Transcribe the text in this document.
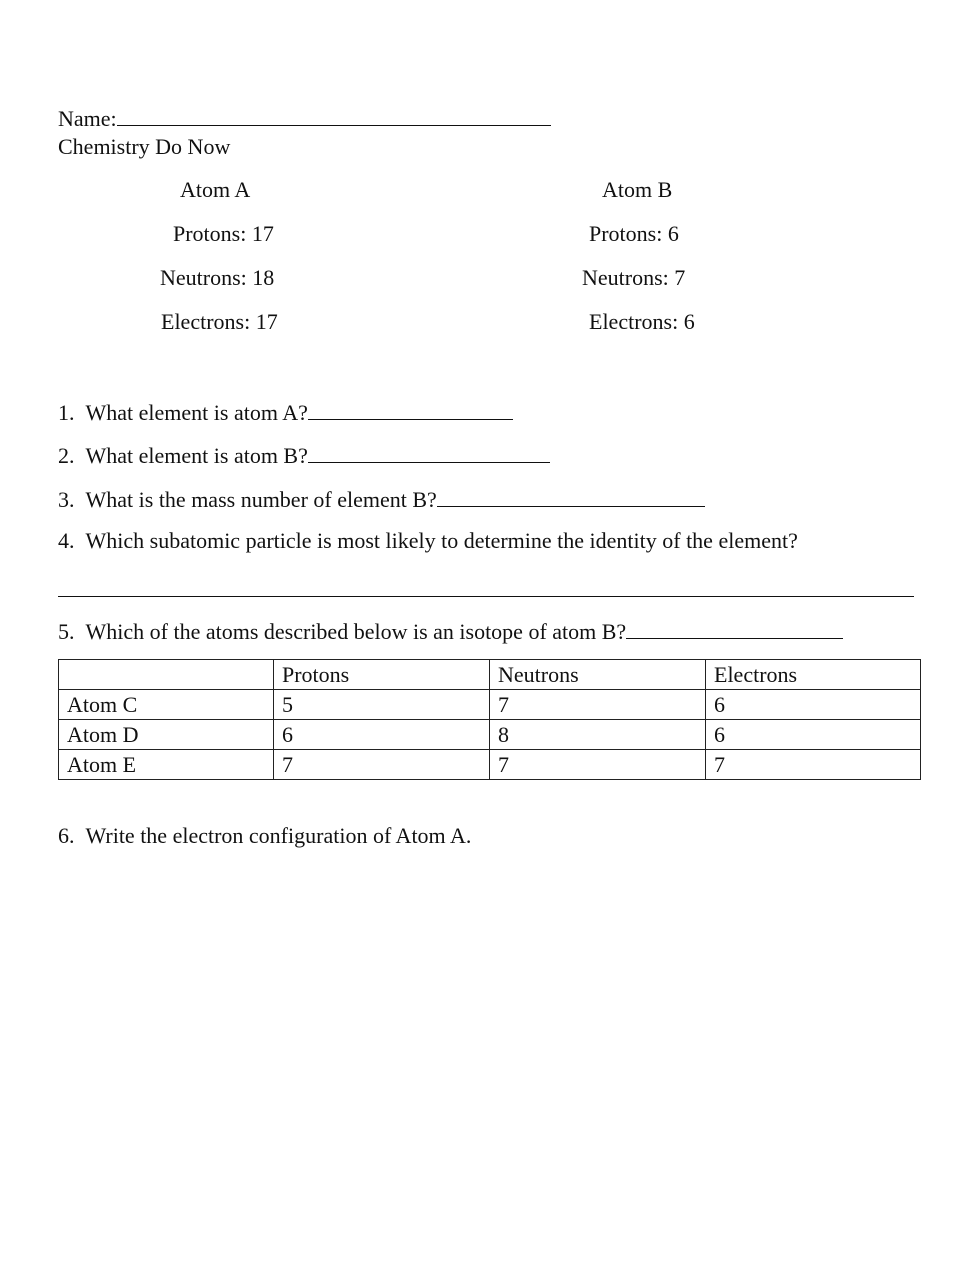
Name:
Chemistry Do Now
Atom A
Protons: 17
Neutrons: 18
Electrons: 17
Atom B
Protons: 6
Neutrons: 7
Electrons: 6
1. What element is atom A?
2. What element is atom B?
3. What is the mass number of element B?
4. Which subatomic particle is most likely to determine the identity of the element?
5. Which of the atoms described below is an isotope of atom B?
	Protons	Neutrons	Electrons
Atom C	5	7	6
Atom D	6	8	6
Atom E	7	7	7
6. Write the electron configuration of Atom A.
